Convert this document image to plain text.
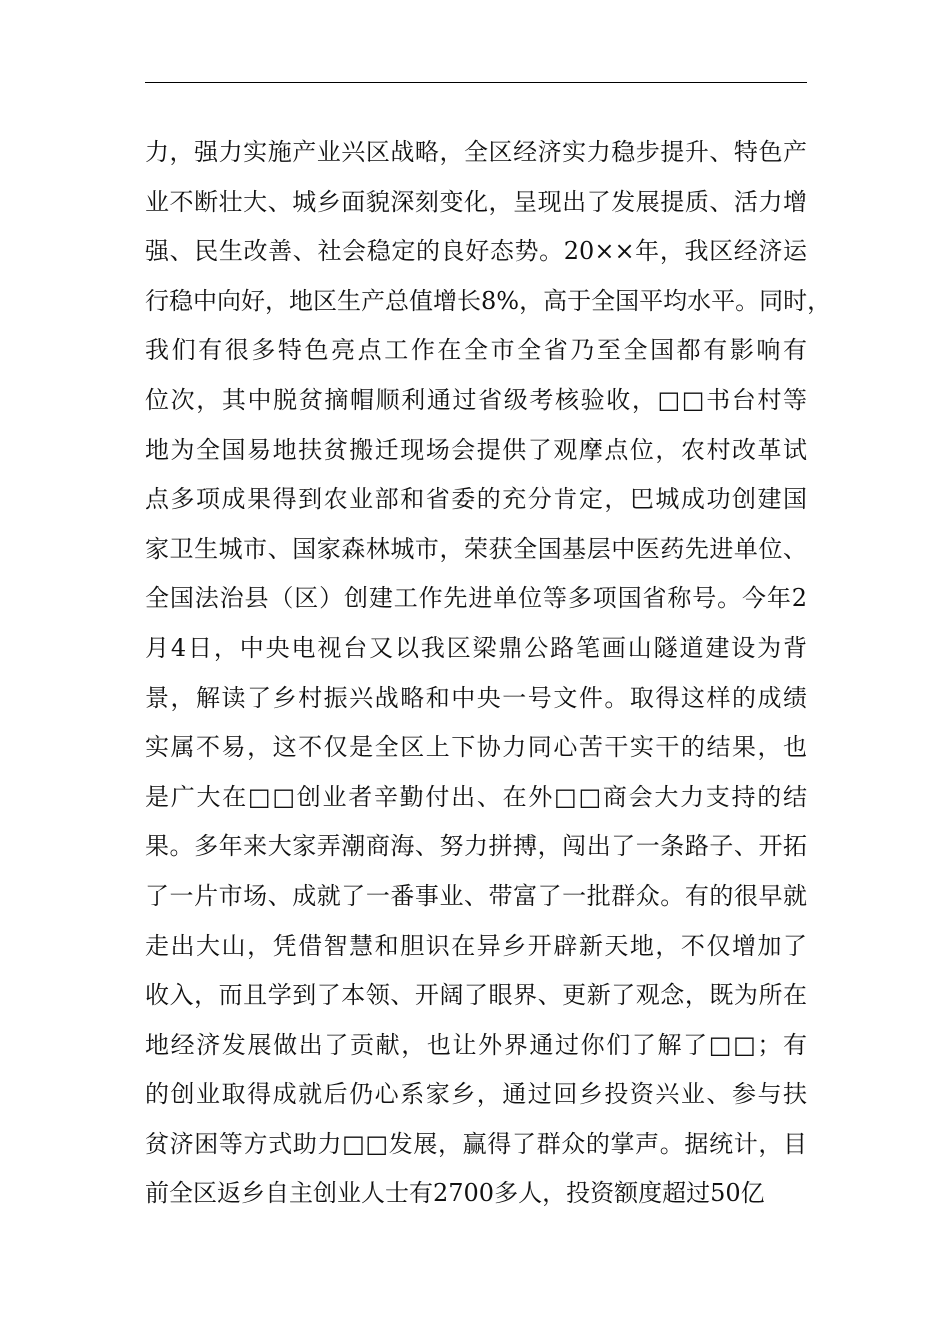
力，强力实施产业兴区战略，全区经济实力稳步提升、特色产
业不断壮大、城乡面貌深刻变化，呈现出了发展提质、活力增
强、民生改善、社会稳定的良好态势。20××年，我区经济运
行稳中向好，地区生产总值增长8%，高于全国平均水平。同时，
我们有很多特色亮点工作在全市全省乃至全国都有影响有
位次，其中脱贫摘帽顺利通过省级考核验收，□□书台村等
地为全国易地扶贫搬迁现场会提供了观摩点位，农村改革试
点多项成果得到农业部和省委的充分肯定，巴城成功创建国
家卫生城市、国家森林城市，荣获全国基层中医药先进单位、
全国法治县（区）创建工作先进单位等多项国省称号。今年2
月4日，中央电视台又以我区梁鼎公路笔画山隧道建设为背
景，解读了乡村振兴战略和中央一号文件。取得这样的成绩
实属不易，这不仅是全区上下协力同心苦干实干的结果，也
是广大在□□创业者辛勤付出、在外□□商会大力支持的结
果。多年来大家弄潮商海、努力拼搏，闯出了一条路子、开拓
了一片市场、成就了一番事业、带富了一批群众。有的很早就
走出大山，凭借智慧和胆识在异乡开辟新天地，不仅增加了
收入，而且学到了本领、开阔了眼界、更新了观念，既为所在
地经济发展做出了贡献，也让外界通过你们了解了□□；有
的创业取得成就后仍心系家乡，通过回乡投资兴业、参与扶
贫济困等方式助力□□发展，赢得了群众的掌声。据统计，目
前全区返乡自主创业人士有2700多人，投资额度超过50亿
